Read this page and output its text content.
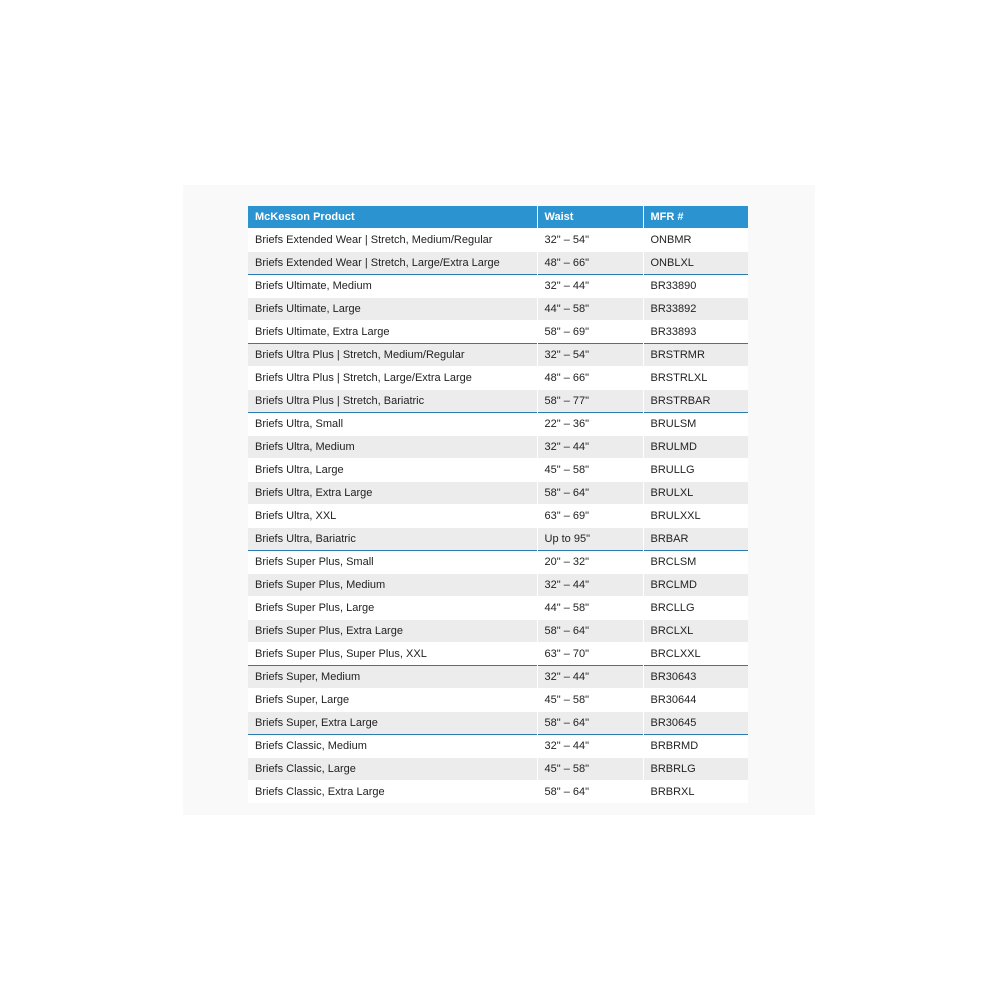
McKesson Product	Waist	MFR #
Briefs Extended Wear | Stretch, Medium/Regular	32" – 54"	ONBMR
Briefs Extended Wear | Stretch, Large/Extra Large	48" – 66"	ONBLXL
Briefs Ultimate, Medium	32" – 44"	BR33890
Briefs Ultimate, Large	44" – 58"	BR33892
Briefs Ultimate, Extra Large	58" – 69"	BR33893
Briefs Ultra Plus | Stretch, Medium/Regular	32" – 54"	BRSTRMR
Briefs Ultra Plus | Stretch, Large/Extra Large	48" – 66"	BRSTRLXL
Briefs Ultra Plus | Stretch, Bariatric	58" – 77"	BRSTRBAR
Briefs Ultra, Small	22" – 36"	BRULSM
Briefs Ultra, Medium	32" – 44"	BRULMD
Briefs Ultra, Large	45" – 58"	BRULLG
Briefs Ultra, Extra Large	58" – 64"	BRULXL
Briefs Ultra, XXL	63" – 69"	BRULXXL
Briefs Ultra, Bariatric	Up to 95"	BRBAR
Briefs Super Plus, Small	20" – 32"	BRCLSM
Briefs Super Plus, Medium	32" – 44"	BRCLMD
Briefs Super Plus, Large	44" – 58"	BRCLLG
Briefs Super Plus, Extra Large	58" – 64"	BRCLXL
Briefs Super Plus, Super Plus, XXL	63" – 70"	BRCLXXL
Briefs Super, Medium	32" – 44"	BR30643
Briefs Super, Large	45" – 58"	BR30644
Briefs Super, Extra Large	58" – 64"	BR30645
Briefs Classic, Medium	32" – 44"	BRBRMD
Briefs Classic, Large	45" – 58"	BRBRLG
Briefs Classic, Extra Large	58" – 64"	BRBRXL
